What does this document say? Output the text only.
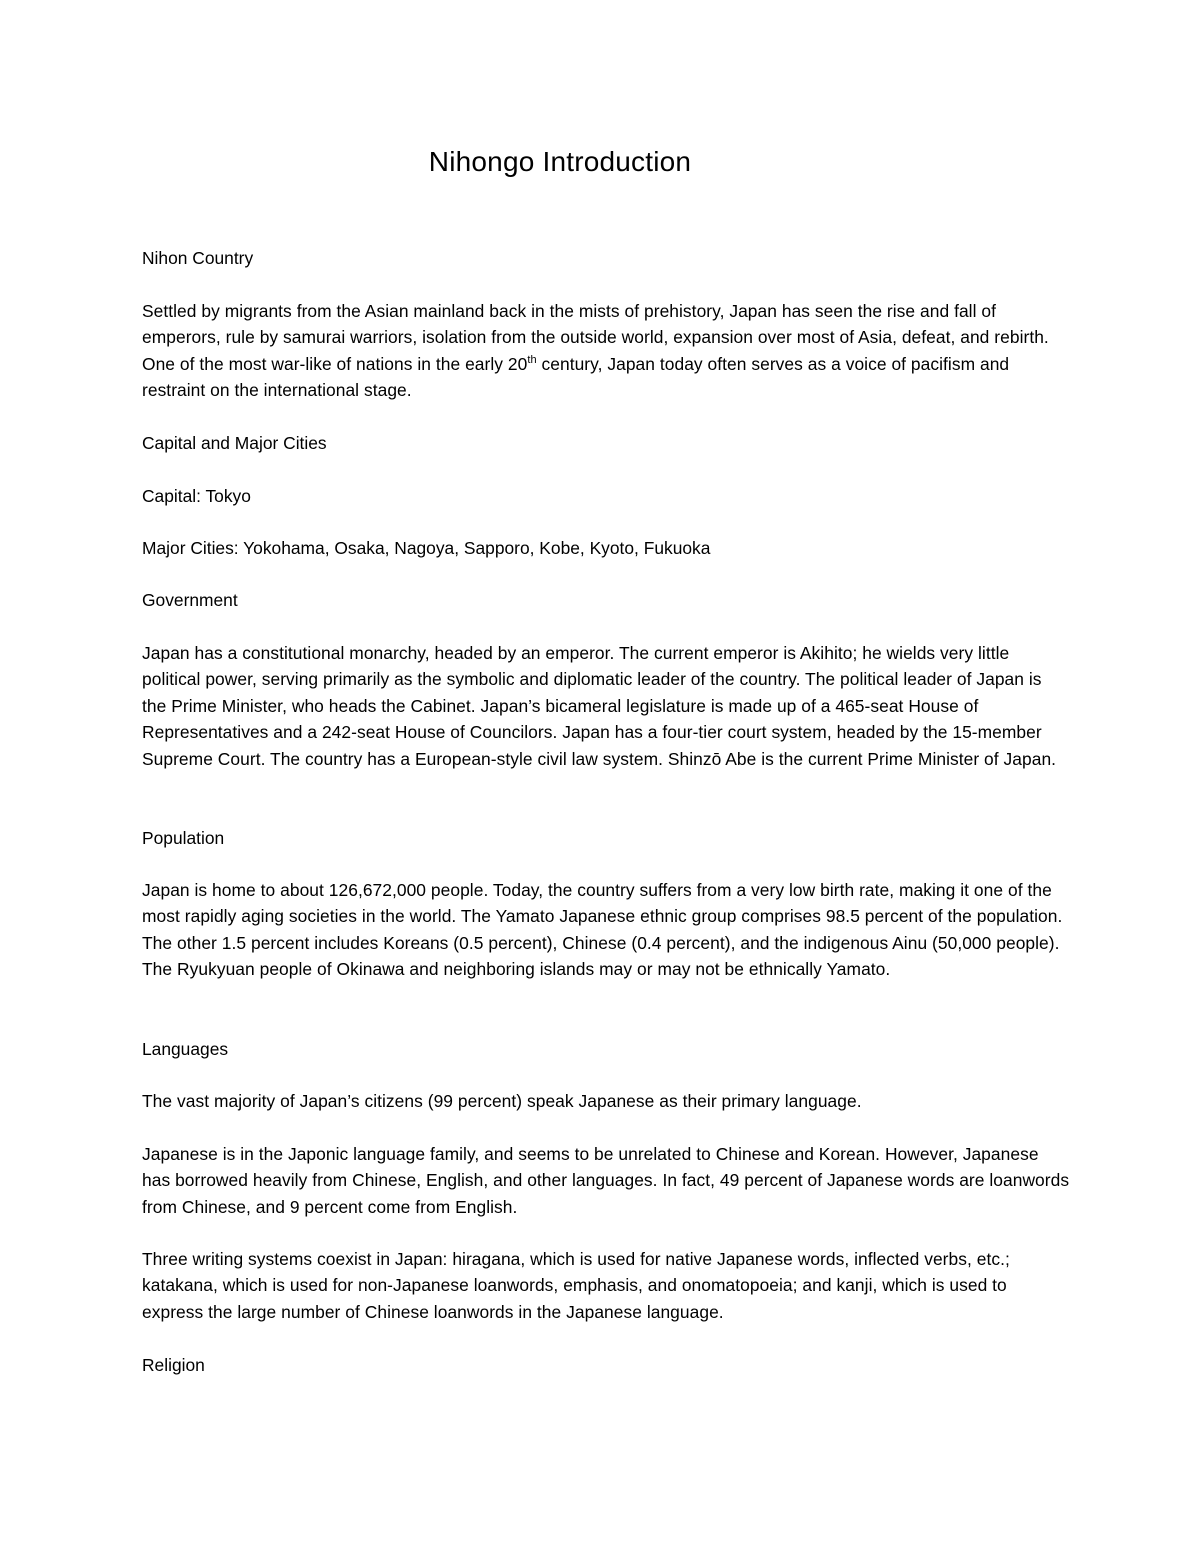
Nihongo Introduction

Nihon Country

Settled by migrants from the Asian mainland back in the mists of prehistory, Japan has seen the rise and fall of emperors, rule by samurai warriors, isolation from the outside world, expansion over most of Asia, defeat, and rebirth. One of the most war-like of nations in the early 20th century, Japan today often serves as a voice of pacifism and restraint on the international stage.

Capital and Major Cities

Capital: Tokyo

Major Cities: Yokohama, Osaka, Nagoya, Sapporo, Kobe, Kyoto, Fukuoka

Government

Japan has a constitutional monarchy, headed by an emperor. The current emperor is Akihito; he wields very little political power, serving primarily as the symbolic and diplomatic leader of the country. The political leader of Japan is the Prime Minister, who heads the Cabinet. Japan’s bicameral legislature is made up of a 465-seat House of Representatives and a 242-seat House of Councilors. Japan has a four-tier court system, headed by the 15-member Supreme Court. The country has a European-style civil law system. Shinzō Abe is the current Prime Minister of Japan.

Population

Japan is home to about 126,672,000 people. Today, the country suffers from a very low birth rate, making it one of the most rapidly aging societies in the world. The Yamato Japanese ethnic group comprises 98.5 percent of the population. The other 1.5 percent includes Koreans (0.5 percent), Chinese (0.4 percent), and the indigenous Ainu (50,000 people). The Ryukyuan people of Okinawa and neighboring islands may or may not be ethnically Yamato.

Languages

The vast majority of Japan’s citizens (99 percent) speak Japanese as their primary language.

Japanese is in the Japonic language family, and seems to be unrelated to Chinese and Korean. However, Japanese has borrowed heavily from Chinese, English, and other languages. In fact, 49 percent of Japanese words are loanwords from Chinese, and 9 percent come from English.

Three writing systems coexist in Japan: hiragana, which is used for native Japanese words, inflected verbs, etc.; katakana, which is used for non-Japanese loanwords, emphasis, and onomatopoeia; and kanji, which is used to express the large number of Chinese loanwords in the Japanese language.

Religion
